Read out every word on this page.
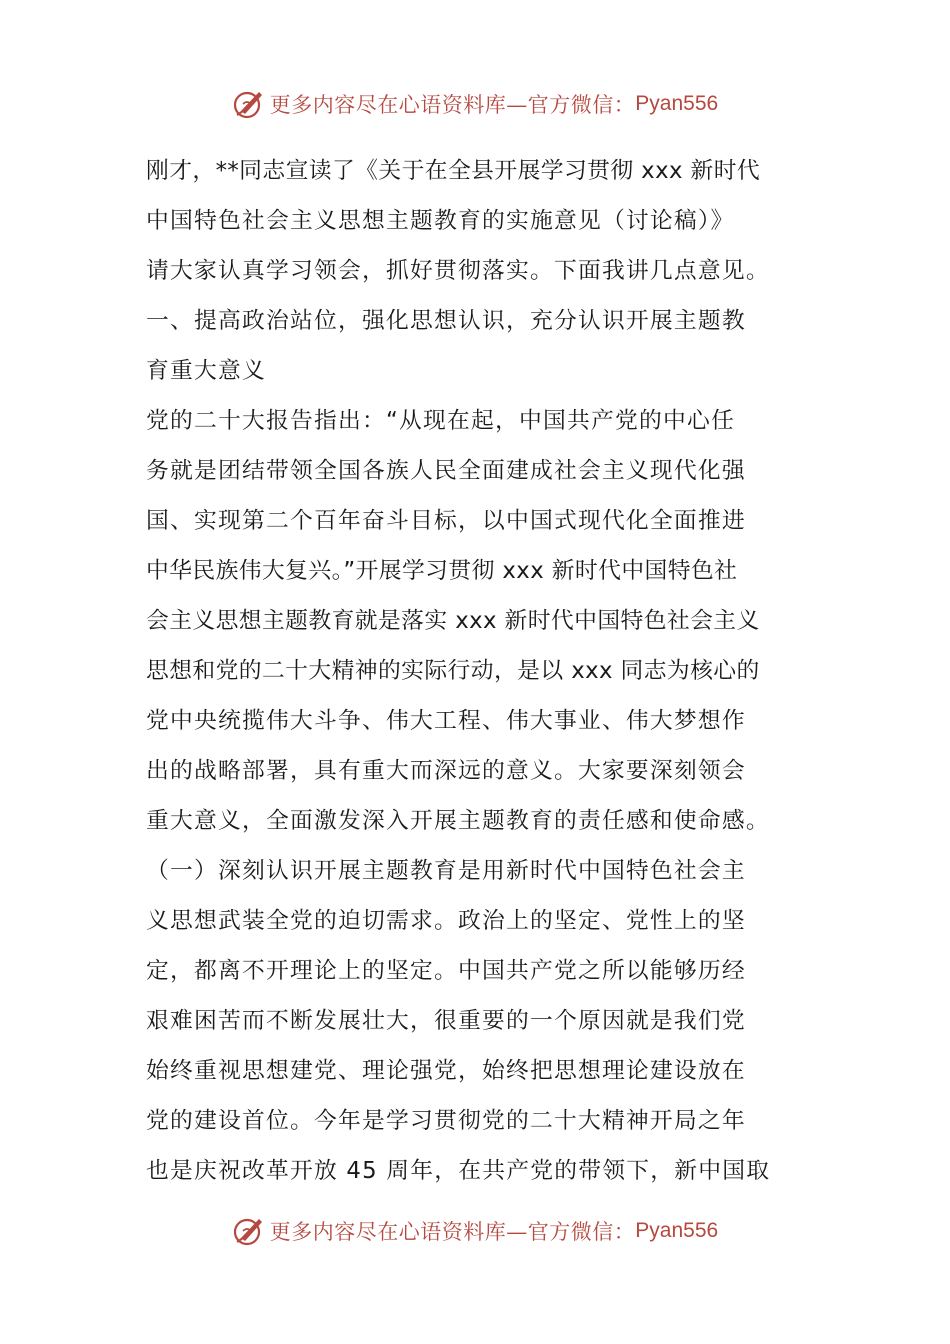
更多内容尽在心语资料库—官方微信： Pyan556
刚才，**同志宣读了《关于在全县开展学习贯彻 xxx 新时代
中国特色社会主义思想主题教育的实施意见（讨论稿）》
请大家认真学习领会，抓好贯彻落实。下面我讲几点意见。
一、提高政治站位，强化思想认识，充分认识开展主题教
育重大意义
党的二十大报告指出：“从现在起，中国共产党的中心任
务就是团结带领全国各族人民全面建成社会主义现代化强
国、实现第二个百年奋斗目标，以中国式现代化全面推进
中华民族伟大复兴。”开展学习贯彻 xxx 新时代中国特色社
会主义思想主题教育就是落实 xxx 新时代中国特色社会主义
思想和党的二十大精神的实际行动，是以 xxx 同志为核心的
党中央统揽伟大斗争、伟大工程、伟大事业、伟大梦想作
出的战略部署，具有重大而深远的意义。大家要深刻领会
重大意义，全面激发深入开展主题教育的责任感和使命感。
（一）深刻认识开展主题教育是用新时代中国特色社会主
义思想武装全党的迫切需求。政治上的坚定、党性上的坚
定，都离不开理论上的坚定。中国共产党之所以能够历经
艰难困苦而不断发展壮大，很重要的一个原因就是我们党
始终重视思想建党、理论强党，始终把思想理论建设放在
党的建设首位。今年是学习贯彻党的二十大精神开局之年
也是庆祝改革开放 45 周年，在共产党的带领下，新中国取
更多内容尽在心语资料库—官方微信： Pyan556
